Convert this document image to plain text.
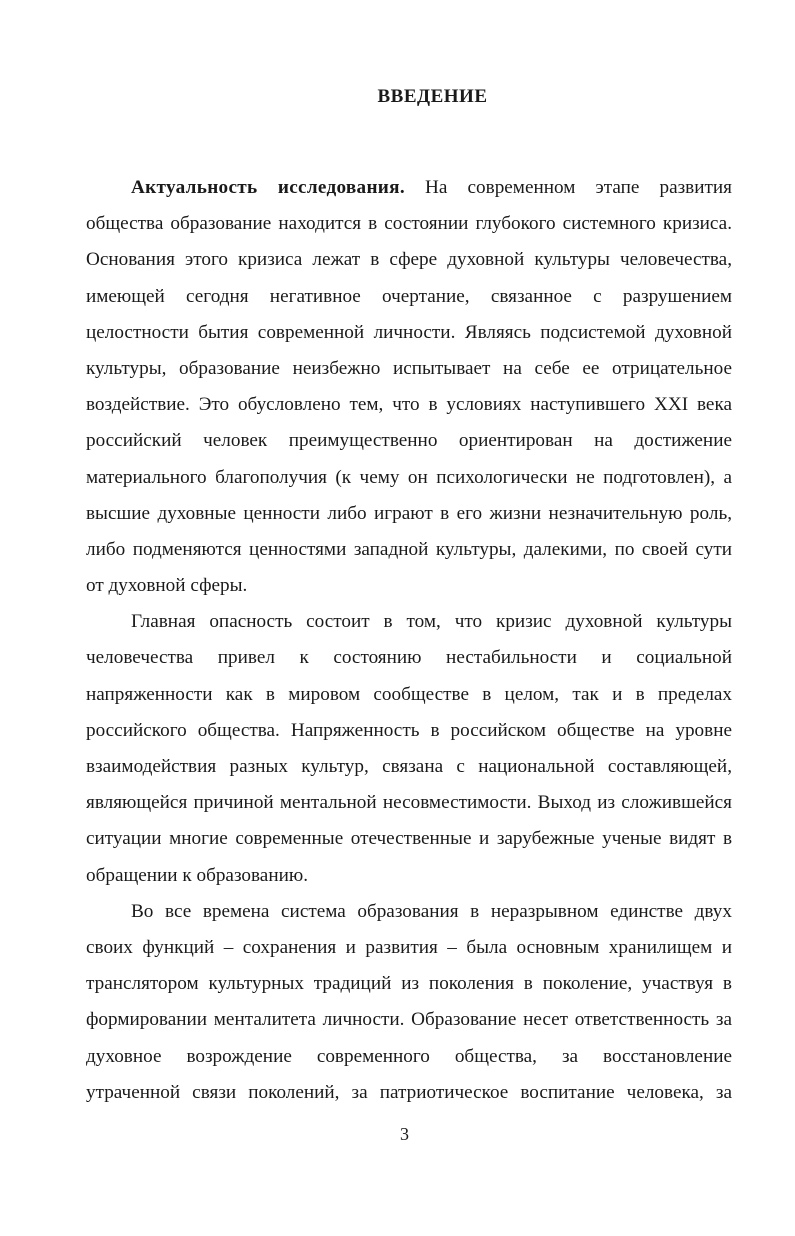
ВВЕДЕНИЕ
Актуальность исследования. На современном этапе развития
общества образование находится в состоянии глубокого системного кризиса.
Основания этого кризиса лежат в сфере духовной культуры человечества,
имеющей сегодня негативное очертание, связанное с разрушением
целостности бытия современной личности. Являясь подсистемой духовной
культуры, образование неизбежно испытывает на себе ее отрицательное
воздействие. Это обусловлено тем, что в условиях наступившего XXI века
российский человек преимущественно ориентирован на достижение
материального благополучия (к чему он психологически не подготовлен), а
высшие духовные ценности либо играют в его жизни незначительную роль,
либо подменяются ценностями западной культуры, далекими, по своей сути
от духовной сферы.
Главная опасность состоит в том, что кризис духовной культуры
человечества привел к состоянию нестабильности и социальной
напряженности как в мировом сообществе в целом, так и в пределах
российского общества. Напряженность в российском обществе на уровне
взаимодействия разных культур, связана с национальной составляющей,
являющейся причиной ментальной несовместимости. Выход из сложившейся
ситуации многие современные отечественные и зарубежные ученые видят в
обращении к образованию.
Во все времена система образования в неразрывном единстве двух
своих функций – сохранения и развития – была основным хранилищем и
транслятором культурных традиций из поколения в поколение, участвуя в
формировании менталитета личности. Образование несет ответственность за
духовное возрождение современного общества, за восстановление
утраченной связи поколений, за патриотическое воспитание человека, за
3
